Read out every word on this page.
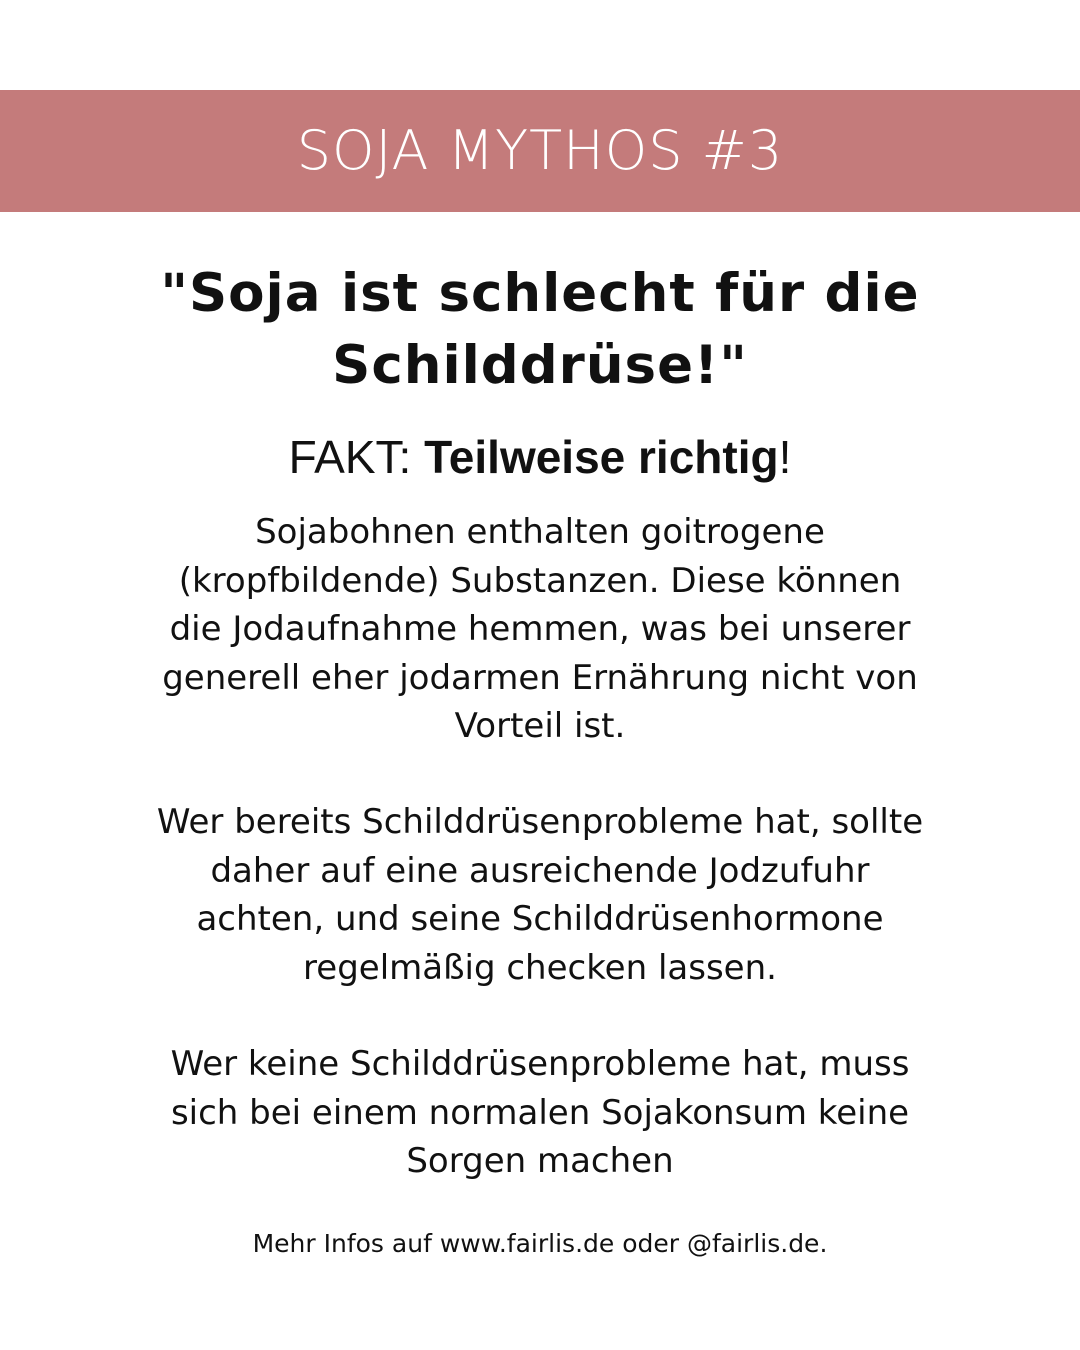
SOJA MYTHOS #3
"Soja ist schlecht für die
Schilddrüse!"
FAKT: Teilweise richtig!
Sojabohnen enthalten goitrogene
(kropfbildende) Substanzen. Diese können
die Jodaufnahme hemmen, was bei unserer
generell eher jodarmen Ernährung nicht von
Vorteil ist.
Wer bereits Schilddrüsenprobleme hat, sollte
daher auf eine ausreichende Jodzufuhr
achten, und seine Schilddrüsenhormone
regelmäßig checken lassen.
Wer keine Schilddrüsenprobleme hat, muss
sich bei einem normalen Sojakonsum keine
Sorgen machen
Mehr Infos auf www.fairlis.de oder @fairlis.de.
